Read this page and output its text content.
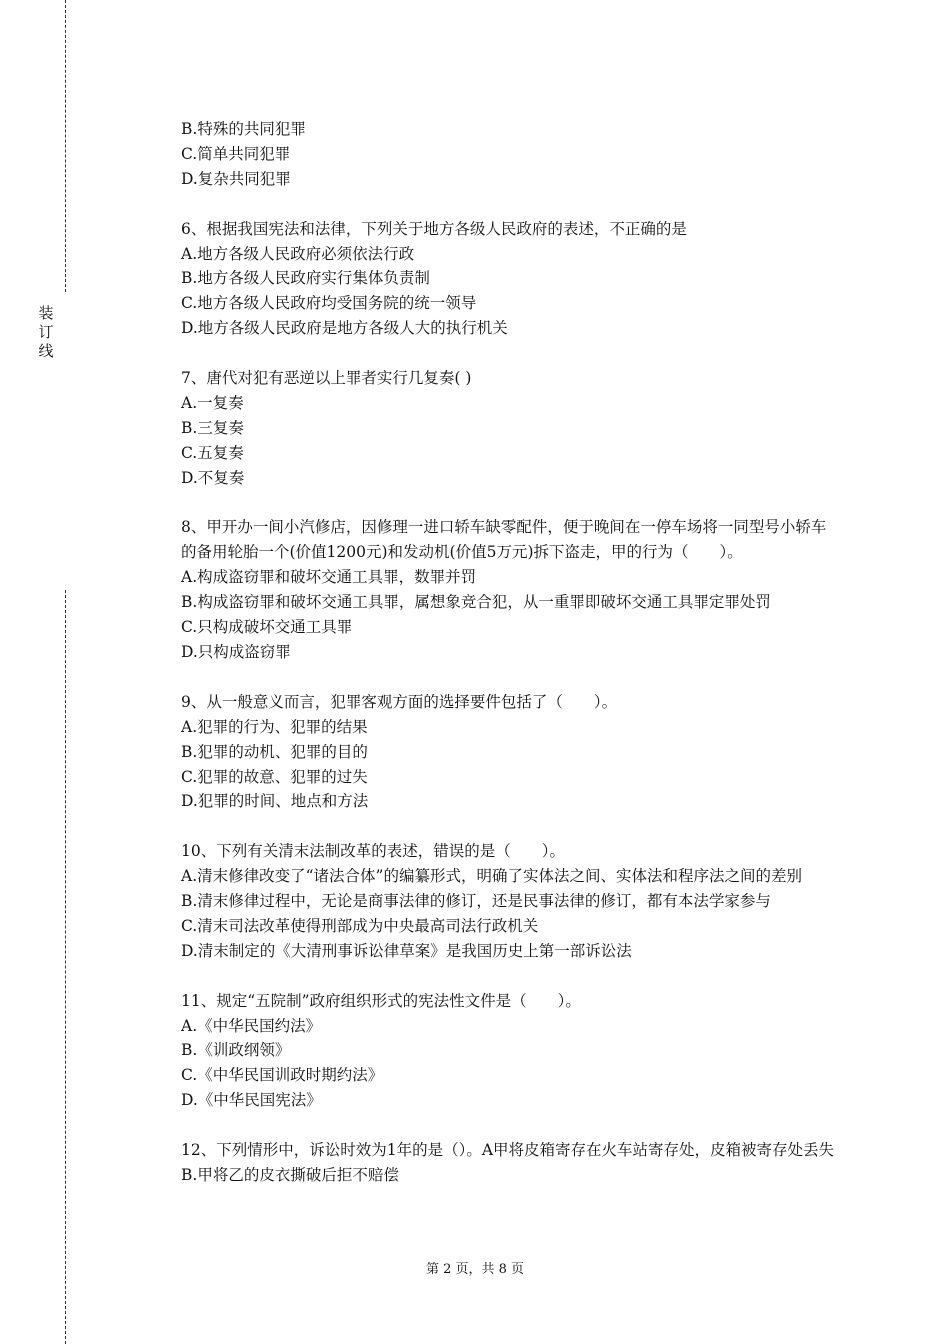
装
订
线

B.特殊的共同犯罪

C.简单共同犯罪

D.复杂共同犯罪

6、根据我国宪法和法律，下列关于地方各级人民政府的表述，不正确的是

A.地方各级人民政府必须依法行政

B.地方各级人民政府实行集体负责制

C.地方各级人民政府均受国务院的统一领导

D.地方各级人民政府是地方各级人大的执行机关

7、唐代对犯有恶逆以上罪者实行几复奏( )

A.一复奏

B.三复奏

C.五复奏

D.不复奏

8、甲开办一间小汽修店，因修理一进口轿车缺零配件，便于晚间在一停车场将一同型号小轿车的备用轮胎一个(价值1200元)和发动机(价值5万元)拆下盗走，甲的行为（　　）。

A.构成盗窃罪和破坏交通工具罪，数罪并罚

B.构成盗窃罪和破坏交通工具罪，属想象竞合犯，从一重罪即破坏交通工具罪定罪处罚

C.只构成破坏交通工具罪

D.只构成盗窃罪

9、从一般意义而言，犯罪客观方面的选择要件包括了（　　）。

A.犯罪的行为、犯罪的结果

B.犯罪的动机、犯罪的目的

C.犯罪的故意、犯罪的过失

D.犯罪的时间、地点和方法

10、下列有关清末法制改革的表述，错误的是（　　）。

A.清末修律改变了“诸法合体”的编纂形式，明确了实体法之间、实体法和程序法之间的差别

B.清末修律过程中，无论是商事法律的修订，还是民事法律的修订，都有本法学家参与

C.清末司法改革使得刑部成为中央最高司法行政机关

D.清末制定的《大清刑事诉讼律草案》是我国历史上第一部诉讼法

11、规定“五院制”政府组织形式的宪法性文件是（　　）。

A.《中华民国约法》

B.《训政纲领》

C.《中华民国训政时期约法》

D.《中华民国宪法》

12、下列情形中，诉讼时效为1年的是（）。A甲将皮箱寄存在火车站寄存处，皮箱被寄存处丢失

B.甲将乙的皮衣撕破后拒不赔偿

第 2 页，共 8 页
